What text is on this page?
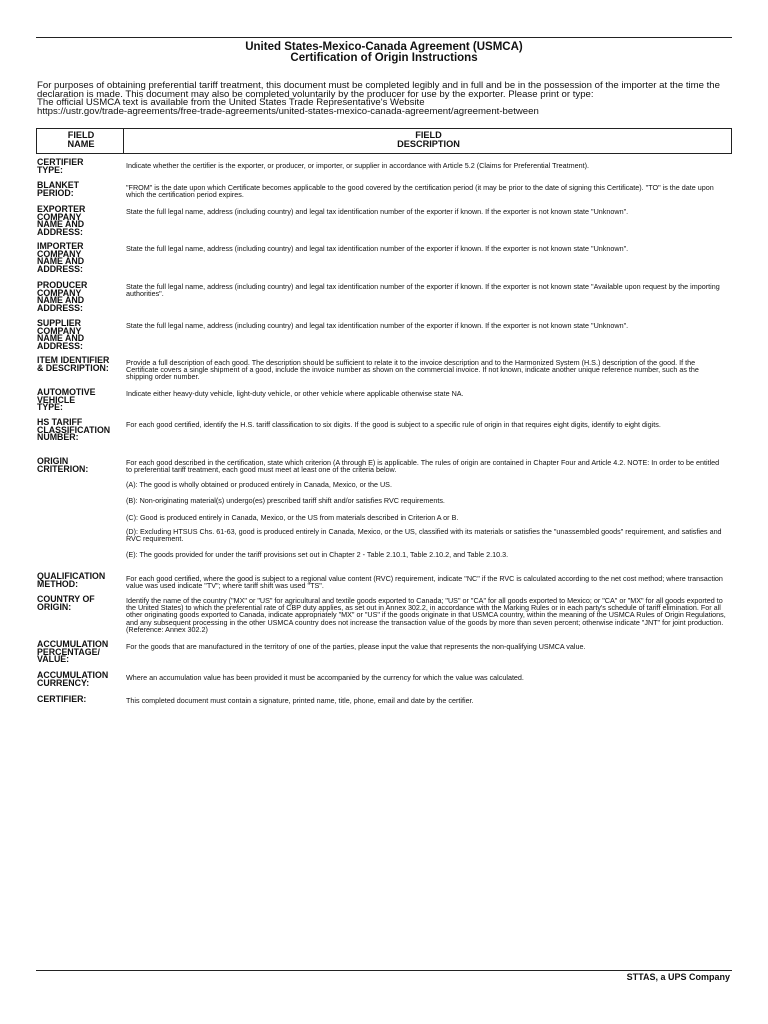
United States-Mexico-Canada Agreement (USMCA)
Certification of Origin Instructions
For purposes of obtaining preferential tariff treatment, this document must be completed legibly and in full and be in the possession of the importer at the time the
declaration is made. This document may also be completed voluntarily by the producer for use by the exporter. Please print or type:
The official USMCA text is available from the United States Trade Representative's Website
https://ustr.gov/trade-agreements/free-trade-agreements/united-states-mexico-canada-agreement/agreement-between
FIELD
NAME
FIELD
DESCRIPTION
CERTIFIER
TYPE:	Indicate whether the certifier is the exporter, or producer, or importer, or supplier in accordance with Article 5.2 (Claims for Preferential Treatment).
BLANKET
PERIOD:
"FROM" is the date upon which Certificate becomes applicable to the good covered by the certification period (it may be prior to the date of signing this Certificate). "TO" is the date upon which the certification period expires.
EXPORTER
COMPANY
NAME AND
ADDRESS:
State the full legal name, address (including country) and legal tax identification number of the exporter if known. If the exporter is not known state "Unknown".
IMPORTER
COMPANY
NAME AND
ADDRESS:
State the full legal name, address (including country) and legal tax identification number of the exporter if known. If the exporter is not known state "Unknown".
PRODUCER
COMPANY
NAME AND
ADDRESS:
State the full legal name, address (including country) and legal tax identification number of the exporter if known. If the exporter is not known state "Available upon request by the importing authorities".
SUPPLIER
COMPANY
NAME AND
ADDRESS:
State the full legal name, address (including country) and legal tax identification number of the exporter if known. If the exporter is not known state "Unknown".
ITEM IDENTIFIER
& DESCRIPTION:
Provide a full description of each good. The description should be sufficient to relate it to the invoice description and to the Harmonized System (H.S.) description of the good. If the Certificate covers a single shipment of a good, include the invoice number as shown on the commercial invoice. If not known, indicate another unique reference number, such as the shipping order number.
AUTOMOTIVE
VEHICLE
TYPE:
Indicate either heavy-duty vehicle, light-duty vehicle, or other vehicle where applicable otherwise state NA.
HS TARIFF
CLASSIFICATION
NUMBER:
For each good certified, identify the H.S. tariff classification to six digits. If the good is subject to a specific rule of origin in that requires eight digits, identify to eight digits.
ORIGIN
CRITERION:
For each good described in the certification, state which criterion (A through E) is applicable. The rules of origin are contained in Chapter Four and Article 4.2. NOTE: In order to be entitled to preferential tariff treatment, each good must meet at least one of the criteria below.
(A): The good is wholly obtained or produced entirely in Canada, Mexico, or the US.
(B): Non-originating material(s) undergo(es) prescribed tariff shift and/or satisfies RVC requirements.
(C): Good is produced entirely in Canada, Mexico, or the US from materials described in Criterion A or B.
(D): Excluding HTSUS Chs. 61-63, good is produced entirely in Canada, Mexico, or the US, classified with its materials or satisfies the "unassembled goods" requirement, and satisfies and RVC requirement.
(E): The goods provided for under the tariff provisions set out in Chapter 2 - Table 2.10.1, Table 2.10.2, and Table 2.10.3.
QUALIFICATION
METHOD:
For each good certified, where the good is subject to a regional value content (RVC) requirement, indicate "NC" if the RVC is calculated according to the net cost method; where transaction value was used indicate "TV"; where tariff shift was used "TS".
COUNTRY OF
ORIGIN:
Identify the name of the country ("MX" or "US" for agricultural and textile goods exported to Canada; "US" or "CA" for all goods exported to Mexico; or "CA" or "MX" for all goods exported to the United States) to which the preferential rate of CBP duty applies, as set out in Annex 302.2, in accordance with the Marking Rules or in each party's schedule of tariff elimination. For all other originating goods exported to Canada, indicate appropriately "MX" or "US" if the goods originate in that USMCA country, within the meaning of the USMCA Rules of Origin Regulations, and any subsequent processing in the other USMCA country does not increase the transaction value of the goods by more than seven percent; otherwise indicate "JNT" for joint production. (Reference: Annex 302.2)
ACCUMULATION
PERCENTAGE/
VALUE:
For the goods that are manufactured in the territory of one of the parties, please input the value that represents the non-qualifying USMCA value.
ACCUMULATION
CURRENCY:
Where an accumulation value has been provided it must be accompanied by the currency for which the value was calculated.
CERTIFIER:	This completed document must contain a signature, printed name, title, phone, email and date by the certifier.
STTAS, a UPS Company
